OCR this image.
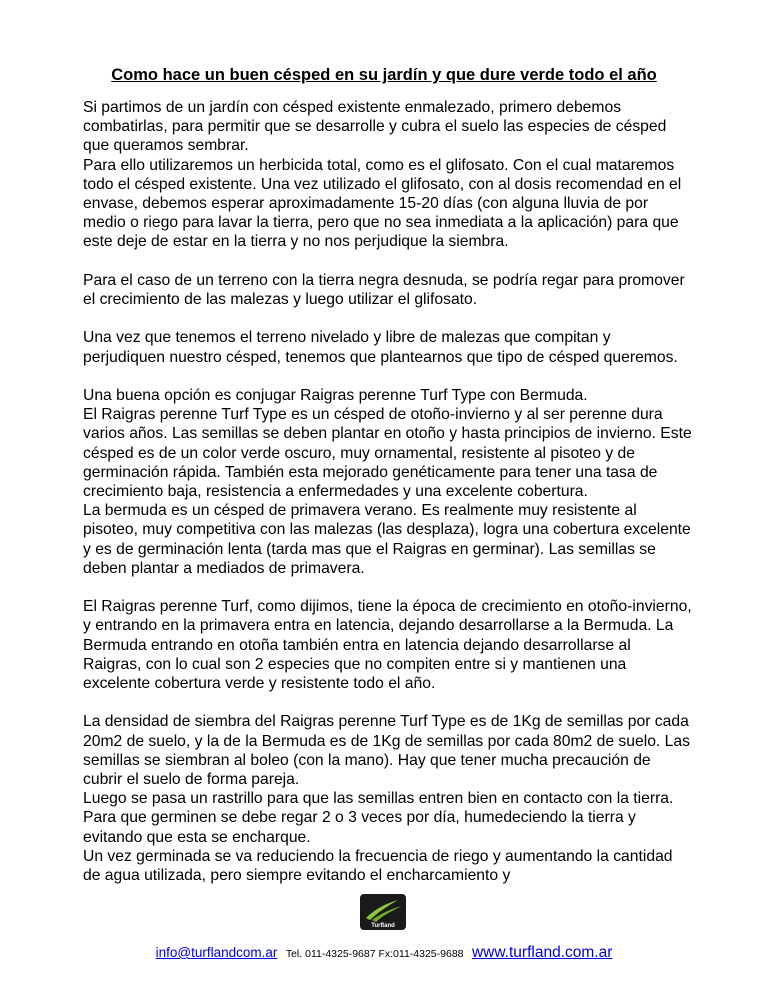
Como hace un buen césped en su jardín y que dure verde todo el año

Si partimos de un jardín con césped existente enmalezado, primero debemos combatirlas, para permitir que se desarrolle y cubra el suelo las especies de césped que queramos sembrar.
Para ello utilizaremos un herbicida total, como es el glifosato. Con el cual mataremos todo el césped existente. Una vez utilizado el glifosato, con al dosis recomendad en el envase, debemos esperar aproximadamente 15-20 días (con alguna lluvia de por medio o riego para lavar la tierra, pero que no sea inmediata a la aplicación) para que este deje de estar en la tierra y no nos perjudique la siembra.

Para el caso de un terreno con la tierra negra desnuda, se podría regar para promover el crecimiento de las malezas y luego utilizar el glifosato.

Una vez que tenemos el terreno nivelado y libre de malezas que compitan y perjudiquen nuestro césped, tenemos que plantearnos que tipo de césped queremos.

Una buena opción es conjugar Raigras perenne Turf Type con Bermuda.
El Raigras perenne Turf Type es un césped de otoño-invierno y al ser perenne dura varios años. Las semillas se deben plantar en otoño y hasta principios de invierno. Este césped es de un color verde oscuro, muy ornamental, resistente al pisoteo y de germinación rápida. También esta mejorado genéticamente para tener una tasa de crecimiento baja, resistencia a enfermedades y una excelente cobertura.
La bermuda es un césped de primavera verano. Es realmente muy resistente al pisoteo, muy competitiva con las malezas (las desplaza), logra una cobertura excelente y es de germinación lenta (tarda mas que el Raigras en germinar). Las semillas se deben plantar a mediados de primavera.

El Raigras perenne Turf, como dijimos, tiene la época de crecimiento en otoño-invierno, y entrando en la primavera entra en latencia, dejando desarrollarse a la Bermuda. La Bermuda entrando en otoña también entra en latencia dejando desarrollarse al Raigras, con lo cual son 2 especies que no compiten entre si y mantienen una excelente cobertura verde y resistente todo el año.

La densidad de siembra del Raigras perenne Turf Type es de 1Kg de semillas por cada 20m2 de suelo, y la de la Bermuda es de 1Kg de semillas por cada 80m2 de suelo. Las semillas se siembran al boleo (con la mano). Hay que tener mucha precaución de cubrir el suelo de forma pareja.
Luego se pasa un rastrillo para que las semillas entren bien en contacto con la tierra. Para que germinen se debe regar 2 o 3 veces por día, humedeciendo la tierra y evitando que esta se encharque.
Un vez germinada se va reduciendo la frecuencia de riego y aumentando la cantidad de agua utilizada, pero siempre evitando el encharcamiento y

Turfland
info@turflandcom.ar Tel. 011-4325-9687 Fx:011-4325-9688 www.turfland.com.ar
